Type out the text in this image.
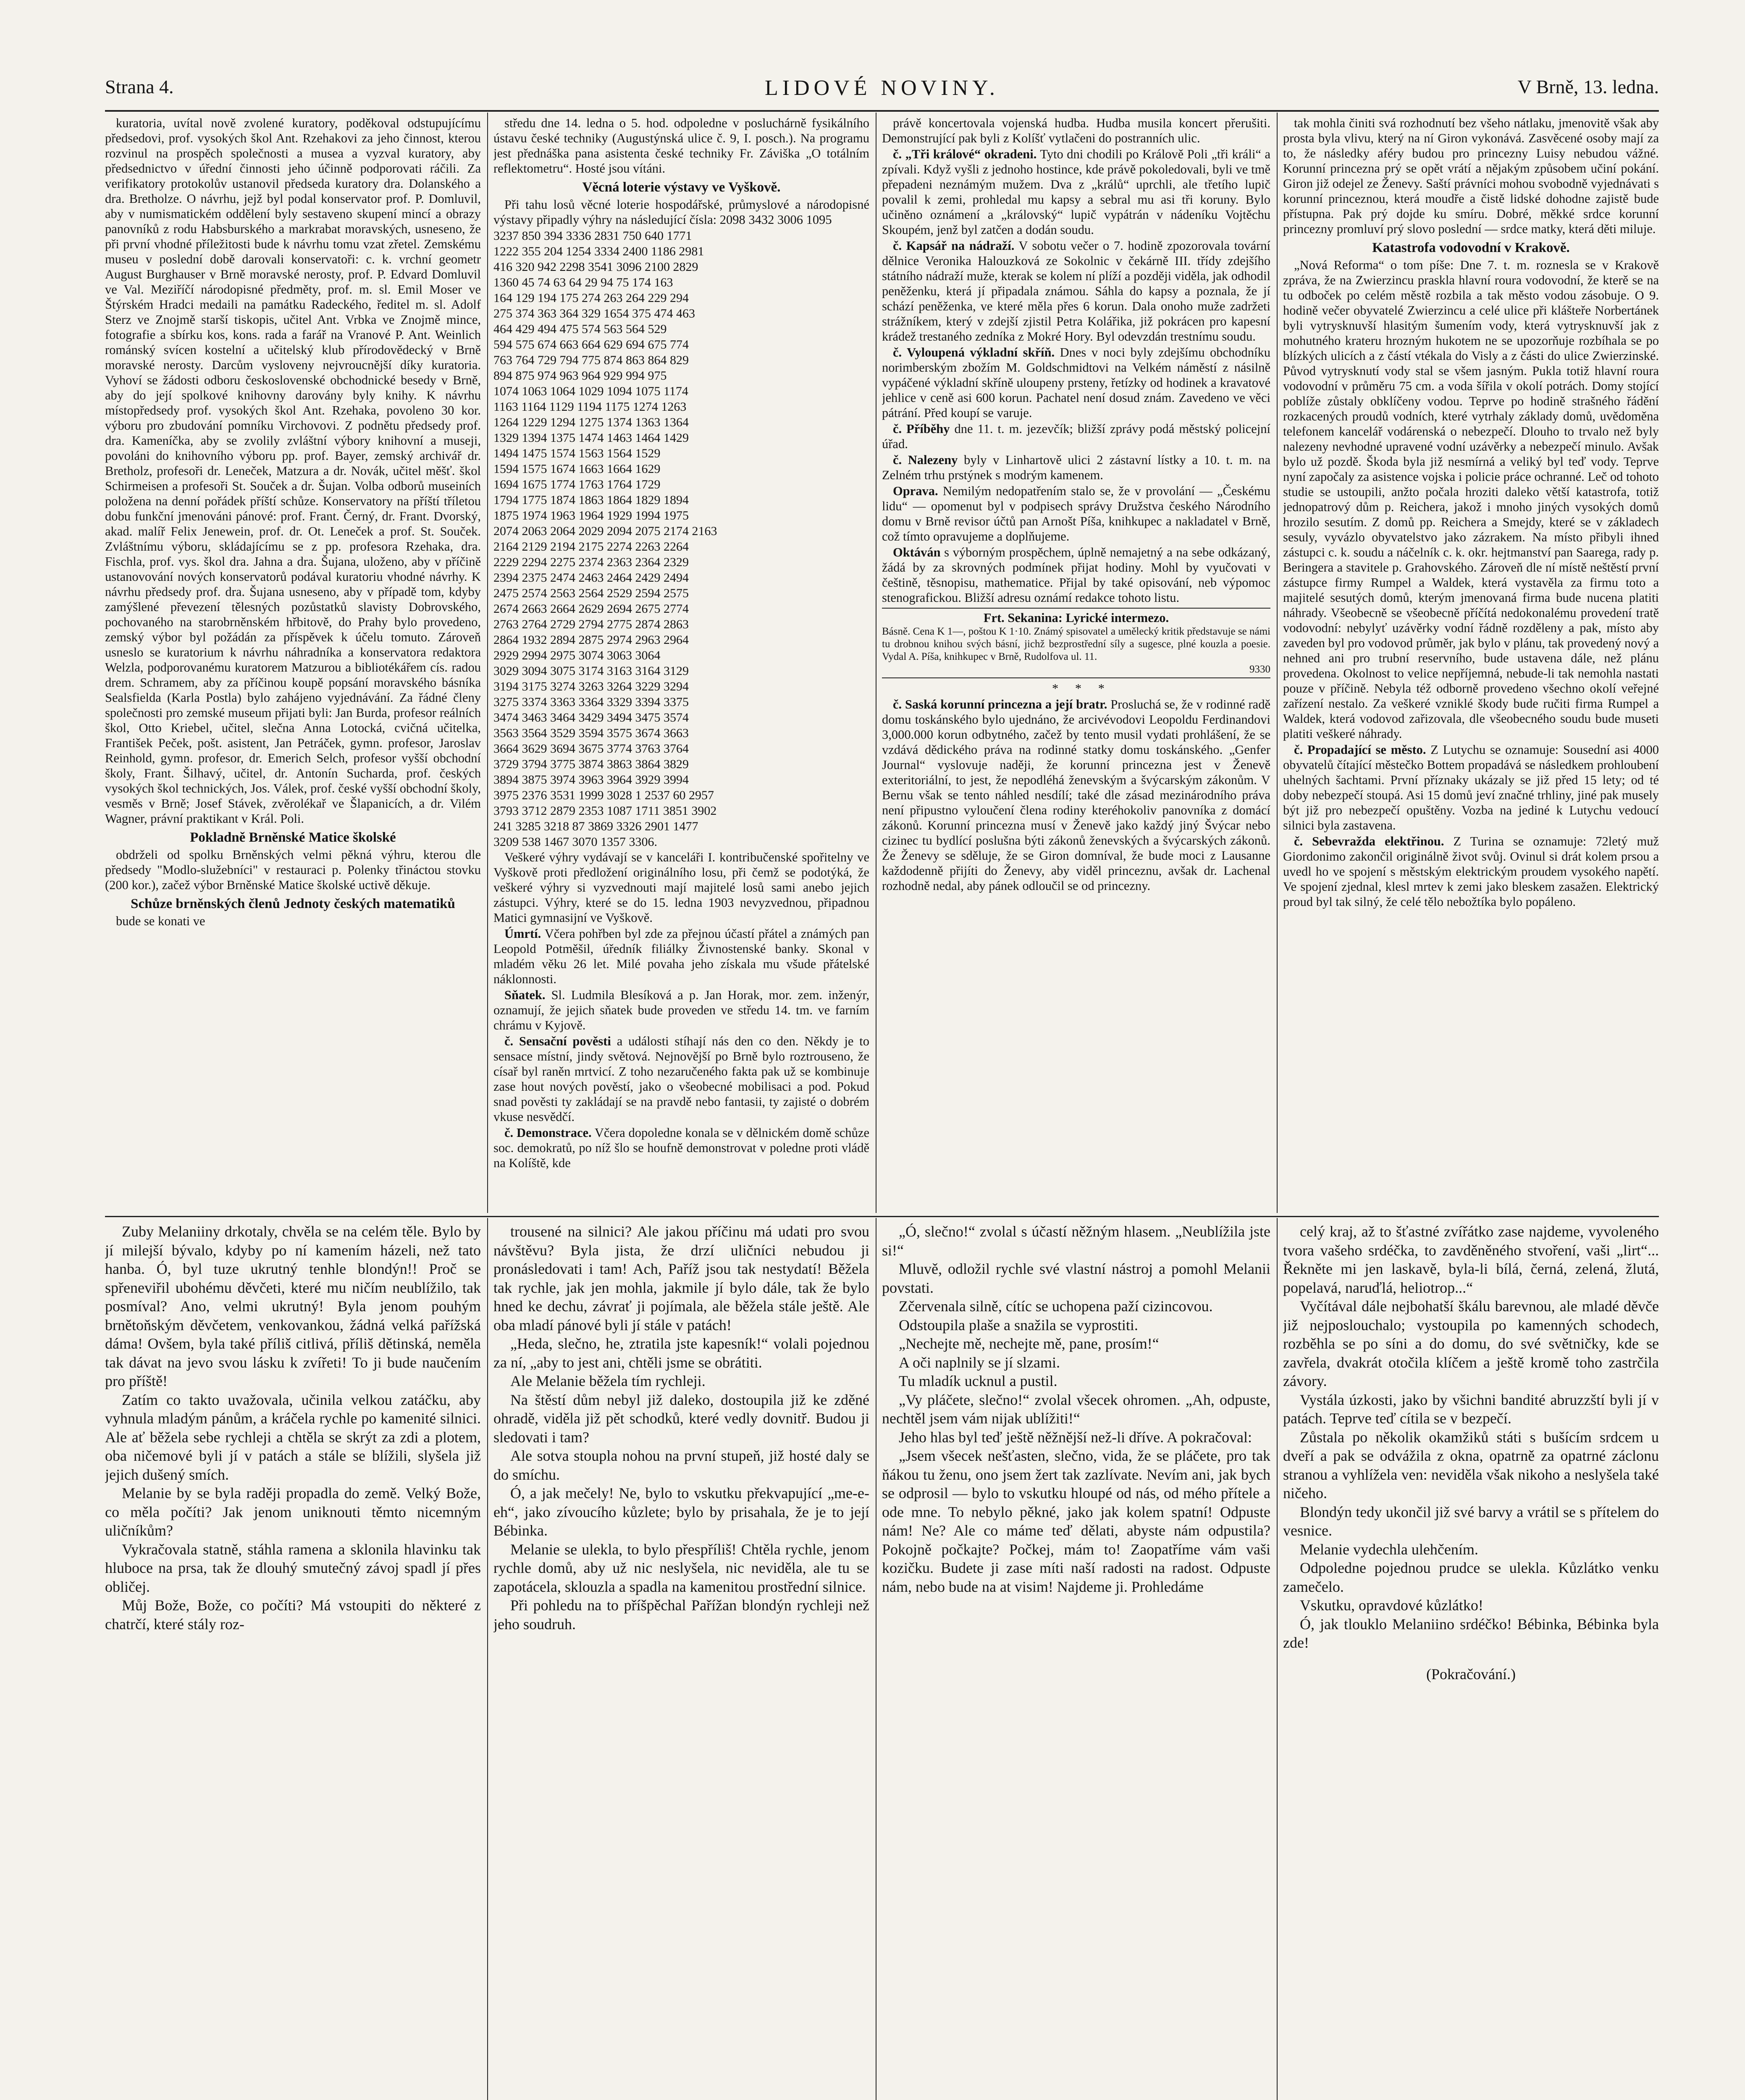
Strana 4.	LIDOVÉ NOVINY.	V Brně, 13. ledna.

kuratoria, uvítal nově zvolené kuratory, poděkoval odstupujícímu předsedovi, prof. vysokých škol Ant. Rzehakovi za jeho činnost, kterou rozvinul na prospěch společnosti a musea a vyzval kuratory, aby předsednictvo v úřední činnosti jeho účinně podporovati ráčili. Za verifikatory protokolův ustanovil předseda kuratory dra. Dolanského a dra. Bretholze. O návrhu, jejž byl podal konservator prof. P. Domluvil, aby v numismatickém oddělení byly sestaveno skupení mincí a obrazy panovníků z rodu Habsburského a markrabat moravských, usneseno, že při první vhodné příležitosti bude k návrhu tomu vzat zřetel. Zemskému museu v poslední době darovali konservatoři: c. k. vrchní geometr August Burghauser v Brně moravské nerosty, prof. P. Edvard Domluvil ve Val. Meziříčí národopisné předměty, prof. m. sl. Emil Moser ve Štýrském Hradci medaili na památku Radeckého, ředitel m. sl. Adolf Sterz ve Znojmě starší tiskopis, učitel Ant. Vrbka ve Znojmě mince, fotografie a sbírku kos, kons. rada a farář na Vranové P. Ant. Weinlich románský svícen kostelní a učitelský klub přírodovědecký v Brně moravské nerosty. Darcům vysloveny nejvroucnější díky kuratoria. Vyhoví se žádosti odboru československé obchodnické besedy v Brně, aby do její spolkové knihovny darovány byly knihy. K návrhu místopředsedy prof. vysokých škol Ant. Rzehaka, povoleno 30 kor. výboru pro zbudování pomníku Virchovovi. Z podnětu předsedy prof. dra. Kameníčka, aby se zvolily zvláštní výbory knihovní a museji, povoláni do knihovního výboru pp. prof. Bayer, zemský archivář dr. Bretholz, profesoři dr. Leneček, Matzura a dr. Novák, učitel měšť. škol Schirmeisen a profesoři St. Souček a dr. Šujan. Volba odborů museiních položena na denní pořádek příští schůze. Konservatory na příští tříletou dobu funkční jmenováni pánové: prof. Frant. Černý, dr. Frant. Dvorský, akad. malíř Felix Jenewein, prof. dr. Ot. Leneček a prof. St. Souček. Zvláštnímu výboru, skládajícímu se z pp. profesora Rzehaka, dra. Fischla, prof. vys. škol dra. Jahna a dra. Šujana, uloženo, aby v příčině ustanovování nových konservatorů podával kuratoriu vhodné návrhy. K návrhu předsedy prof. dra. Šujana usneseno, aby v případě tom, kdyby zamýšlené převezení tělesných pozůstatků slavisty Dobrovského, pochovaného na starobrněnském hřbitově, do Prahy bylo provedeno, zemský výbor byl požádán za příspěvek k účelu tomuto. Zároveň usneslo se kuratorium k návrhu náhradníka a konservatora redaktora Welzla, podporovanému kuratorem Matzurou a bibliotékářem cís. radou drem. Schramem, aby za příčinou koupě popsání moravského básníka Sealsfielda (Karla Postla) bylo zahájeno vyjednávání. Za řádné členy společnosti pro zemské museum přijati byli: Jan Burda, profesor reálních škol, Otto Kriebel, učitel, slečna Anna Lotocká, cvičná učitelka, František Peček, pošt. asistent, Jan Petráček, gymn. profesor, Jaroslav Reinhold, gymn. profesor, dr. Emerich Selch, profesor vyšší obchodní školy, Frant. Šilhavý, učitel, dr. Antonín Sucharda, prof. českých vysokých škol technických, Jos. Válek, prof. české vyšší obchodní školy, vesměs v Brně; Josef Stávek, zvěrolékař ve Šlapanicích, a dr. Vilém Wagner, právní praktikant v Král. Poli.

Pokladně Brněnské Matice školské

obdrželi od spolku Brněnských velmi pěkná výhru, kterou dle předsedy "Modlo-služebníci" v restauraci p. Polenky třináctou stovku (200 kor.), začež výbor Brněnské Matice školské uctivě děkuje.

Schůze brněnských členů Jednoty českých matematiků

bude se konati ve

středu dne 14. ledna o 5. hod. odpoledne v posluchárně fysikálního ústavu české techniky (Augustýnská ulice č. 9, I. posch.). Na programu jest přednáška pana asistenta české techniky Fr. Záviška „O totálním reflektometru“. Hosté jsou vítáni.

Věcná loterie výstavy ve Vyškově.

Při tahu losů věcné loterie hospodářské, průmyslové a národopisné výstavy připadly výhry na následující čísla: 2098 3432 3006 1095

3237 850 394 3336 2831 750 640 1771
1222 355 204 1254 3334 2400 1186 2981
416 320 942 2298 3541 3096 2100 2829
1360 45 74 63 64 29 94 75 174 163
164 129 194 175 274 263 264 229 294
275 374 363 364 329 1654 375 474 463
464 429 494 475 574 563 564 529
594 575 674 663 664 629 694 675 774
763 764 729 794 775 874 863 864 829
894 875 974 963 964 929 994 975
1074 1063 1064 1029 1094 1075 1174
1163 1164 1129 1194 1175 1274 1263
1264 1229 1294 1275 1374 1363 1364
1329 1394 1375 1474 1463 1464 1429
1494 1475 1574 1563 1564 1529
1594 1575 1674 1663 1664 1629
1694 1675 1774 1763 1764 1729
1794 1775 1874 1863 1864 1829 1894
1875 1974 1963 1964 1929 1994 1975
2074 2063 2064 2029 2094 2075 2174 2163
2164 2129 2194 2175 2274 2263 2264
2229 2294 2275 2374 2363 2364 2329
2394 2375 2474 2463 2464 2429 2494
2475 2574 2563 2564 2529 2594 2575
2674 2663 2664 2629 2694 2675 2774
2763 2764 2729 2794 2775 2874 2863
2864 1932 2894 2875 2974 2963 2964
2929 2994 2975 3074 3063 3064
3029 3094 3075 3174 3163 3164 3129
3194 3175 3274 3263 3264 3229 3294
3275 3374 3363 3364 3329 3394 3375
3474 3463 3464 3429 3494 3475 3574
3563 3564 3529 3594 3575 3674 3663
3664 3629 3694 3675 3774 3763 3764
3729 3794 3775 3874 3863 3864 3829
3894 3875 3974 3963 3964 3929 3994
3975 2376 3531 1999 3028 1 2537 60 2957
3793 3712 2879 2353 1087 1711 3851 3902
241 3285 3218 87 3869 3326 2901 1477
3209 538 1467 3070 1357 3306.

Veškeré výhry vydávají se v kanceláři I. kontribučenské spořitelny ve Vyškově proti předložení originálního losu, při čemž se podotýká, že veškeré výhry si vyzvednouti mají majitelé losů sami anebo jejich zástupci. Výhry, které se do 15. ledna 1903 nevyzvednou, připadnou Matici gymnasijní ve Vyškově.

Úmrtí. Včera pohřben byl zde za přejnou účastí přátel a známých pan Leopold Potměšil, úředník filiálky Živnostenské banky. Skonal v mladém věku 26 let. Milé povaha jeho získala mu všude přátelské náklonnosti.

Sňatek. Sl. Ludmila Blesíková a p. Jan Horak, mor. zem. inženýr, oznamují, že jejich sňatek bude proveden ve středu 14. tm. ve farním chrámu v Kyjově.

č. Sensační pověsti a události stíhají nás den co den. Někdy je to sensace místní, jindy světová. Nejnovější po Brně bylo roztrouseno, že císař byl raněn mrtvicí. Z toho nezaručeného fakta pak už se kombinuje zase hout nových pověstí, jako o všeobecné mobilisaci a pod. Pokud snad pověsti ty zakládají se na pravdě nebo fantasii, ty zajisté o dobrém vkuse nesvědčí.

č. Demonstrace. Včera dopoledne konala se v dělnickém domě schůze soc. demokratů, po níž šlo se houfně demonstrovat v poledne proti vládě na Kolíště, kde

právě koncertovala vojenská hudba. Hudba musila koncert přerušiti. Demonstrující pak byli z Kolíšť vytlačeni do postranních ulic.

č. „Tři králové“ okradeni. Tyto dni chodili po Králově Poli „tři králi“ a zpívali. Když vyšli z jednoho hostince, kde právě pokoledovali, byli ve tmě přepadeni neznámým mužem. Dva z „králů“ uprchli, ale třetího lupič povalil k zemi, prohledal mu kapsy a sebral mu asi tři koruny. Bylo učiněno oznámení a „královský“ lupič vypátrán v nádeníku Vojtěchu Skoupém, jenž byl zatčen a dodán soudu.

č. Kapsář na nádraží. V sobotu večer o 7. hodině zpozorovala tovární dělnice Veronika Halouzková ze Sokolnic v čekárně III. třídy zdejšího státního nádraží muže, kterak se kolem ní plíží a později viděla, jak odhodil peněženku, která jí připadala známou. Sáhla do kapsy a poznala, že jí schází peněženka, ve které měla přes 6 korun. Dala onoho muže zadržeti strážníkem, který v zdejší zjistil Petra Kolářika, již pokrácen pro kapesní krádež trestaného zedníka z Mokré Hory. Byl odevzdán trestnímu soudu.

č. Vyloupená výkladní skříň. Dnes v noci byly zdejšímu obchodníku norimberským zbožím M. Goldschmidtovi na Velkém náměstí z násilně vypáčené výkladní skříně uloupeny prsteny, řetízky od hodinek a kravatové jehlice v ceně asi 600 korun. Pachatel není dosud znám. Zavedeno ve věci pátrání. Před koupí se varuje.

č. Příběhy dne 11. t. m. jezevčík; bližší zprávy podá městský policejní úřad.

č. Nalezeny byly v Linhartově ulici 2 zástavní lístky a 10. t. m. na Zelném trhu prstýnek s modrým kamenem.

Oprava. Nemilým nedopatřením stalo se, že v provolání — „Českému lidu“ — opomenut byl v podpisech správy Družstva českého Národního domu v Brně revisor účtů pan Arnošt Píša, knihkupec a nakladatel v Brně, což tímto opravujeme a doplňujeme.

Oktáván s výborným prospěchem, úplně nemajetný a na sebe odkázaný, žádá by za skrovných podmínek přijat hodiny. Mohl by vyučovati v češtině, těsnopisu, mathematice. Přijal by také opisování, neb výpomoc stenografickou. Bližší adresu oznámí redakce tohoto listu.

Frt. Sekanina: Lyrické intermezo.
Básně. Cena K 1—, poštou K 1·10. Známý spisovatel a umělecký kritik představuje se námi tu drobnou knihou svých básní, jichž bezprostřední síly a sugesce, plné kouzla a poesie. Vydal A. Píša, knihkupec v Brně, Rudolfova ul. 11.
9330

* * *

č. Saská korunní princezna a její bratr. Prosluchá se, že v rodinné radě domu toskánského bylo ujednáno, že arcivévodovi Leopoldu Ferdinandovi 3,000.000 korun odbytného, začež by tento musil vydati prohlášení, že se vzdává dědického práva na rodinné statky domu toskánského. „Genfer Journal“ vyslovuje naději, že korunní princezna jest v Ženevě exteritoriální, to jest, že nepodléhá ženevským a švýcarským zákonům. V Bernu však se tento náhled nesdílí; také dle zásad mezinárodního práva není připustno vyloučení člena rodiny kteréhokoliv panovníka z domácí zákonů. Korunní princezna musí v Ženevě jako každý jiný Švýcar nebo cizinec tu bydlící poslušna býti zákonů ženevských a švýcarských zákonů. Že Ženevy se sděluje, že se Giron domníval, že bude moci z Lausanne každodenně přijíti do Ženevy, aby viděl princeznu, avšak dr. Lachenal rozhodně nedal, aby pánek odloučil se od princezny.

tak mohla činiti svá rozhodnutí bez všeho nátlaku, jmenovitě však aby prosta byla vlivu, který na ní Giron vykonává. Zasvěcené osoby mají za to, že následky aféry budou pro princezny Luisy nebudou vážné. Korunní princezna prý se opět vrátí a nějakým způsobem učiní pokání. Giron již odejel ze Ženevy. Saští právníci mohou svobodně vyjednávati s korunní princeznou, která moudře a čistě lidské dohodne zajistě bude přístupna. Pak prý dojde ku smíru. Dobré, měkké srdce korunní princezny promluví prý slovo poslední — srdce matky, která děti miluje.

Katastrofa vodovodní v Krakově.

„Nová Reforma“ o tom píše: Dne 7. t. m. roznesla se v Krakově zpráva, že na Zwierzincu praskla hlavní roura vodovodní, že kterě se na tu odboček po celém městě rozbila a tak město vodou zásobuje. O 9. hodině večer obyvatelé Zwierzincu a celé ulice při klášteře Norbertánek byli vytrysknuvší hlasitým šumením vody, která vytrysknuvší jak z mohutného krateru hrozným hukotem ne se upozorňuje rozbíhala se po blízkých ulicích a z částí vtékala do Visly a z části do ulice Zwierzinské. Původ vytrysknutí vody stal se všem jasným. Pukla totiž hlavní roura vodovodní v průměru 75 cm. a voda šířila v okolí potrách. Domy stojící poblíže zůstaly obklíčeny vodou. Teprve po hodině strašného řádění rozkacených proudů vodních, které vytrhaly základy domů, uvědoměna telefonem kancelář vodárenská o nebezpečí. Dlouho to trvalo než byly nalezeny nevhodné upravené vodní uzávěrky a nebezpečí minulo. Avšak bylo už pozdě. Škoda byla již nesmírná a veliký byl teď vody. Teprve nyní započaly za asistence vojska i policie práce ochranné. Leč od tohoto studie se ustoupili, anžto počala hroziti daleko větší katastrofa, totiž jednopatrový dům p. Reichera, jakož i mnoho jiných vysokých domů hrozilo sesutím. Z domů pp. Reichera a Smejdy, které se v základech sesuly, vyvázlo obyvatelstvo jako zázrakem. Na místo přibyli ihned zástupci c. k. soudu a náčelník c. k. okr. hejtmanství pan Saarega, rady p. Beringera a stavitele p. Grahovského. Zároveň dle ní místě neštěstí první zástupce firmy Rumpel a Waldek, která vystavěla za firmu toto a majitelé sesutých domů, kterým jmenovaná firma bude nucena platiti náhrady. Všeobecně se všeobecně příčítá nedokonalému provedení tratě vodovodní: nebylyť uzávěrky vodní řádně rozděleny a pak, místo aby zaveden byl pro vodovod průměr, jak bylo v plánu, tak provedený nový a nehned ani pro trubní reservního, bude ustavena dále, než plánu provedena. Okolnost to velice nepříjemná, nebude-li tak nemohla nastati pouze v příčině. Nebyla též odborně provedeno všechno okolí veřejné zařízení nestalo. Za veškeré vzniklé škody bude ručiti firma Rumpel a Waldek, která vodovod zařizovala, dle všeobecného soudu bude museti platiti veškeré náhrady.

č. Propadající se město. Z Lutychu se oznamuje: Sousední asi 4000 obyvatelů čítající městečko Bottem propadává se následkem prohloubení uhelných šachtami. První příznaky ukázaly se již před 15 lety; od té doby nebezpečí stoupá. Asi 15 domů jeví značné trhliny, jiné pak musely být již pro nebezpečí opuštěny. Vozba na jediné k Lutychu vedoucí silnici byla zastavena.

č. Sebevražda elektřinou. Z Turina se oznamuje: 72letý muž Giordonimo zakončil originálně život svůj. Ovinul si drát kolem prsou a uvedl ho ve spojení s městským elektrickým proudem vysokého napětí. Ve spojení zjednal, klesl mrtev k zemi jako bleskem zasažen. Elektrický proud byl tak silný, že celé tělo nebožtíka bylo popáleno.

Zuby Melaniiny drkotaly, chvěla se na celém těle. Bylo by jí milejší bývalo, kdyby po ní kamením házeli, než tato hanba. Ó, byl tuze ukrutný tenhle blondýn!! Proč se spřeneviřil ubohému děvčeti, které mu ničím neublížilo, tak posmíval? Ano, velmi ukrutný! Byla jenom pouhým brnětoňským děvčetem, venkovankou, žádná velká pařížská dáma! Ovšem, byla také příliš citlivá, příliš dětinská, neměla tak dávat na jevo svou lásku k zvířeti! To ji bude naučením pro příště!

Zatím co takto uvažovala, učinila velkou zatáčku, aby vyhnula mladým pánům, a kráčela rychle po kamenité silnici. Ale ať běžela sebe rychleji a chtěla se skrýt za zdi a plotem, oba ničemové byli jí v patách a stále se blížili, slyšela již jejich dušený smích.

Melanie by se byla raději propadla do země. Velký Bože, co měla počíti? Jak jenom uniknouti těmto nicemným uličníkům?

Vykračovala statně, stáhla ramena a sklonila hlavinku tak hluboce na prsa, tak že dlouhý smutečný závoj spadl jí přes obličej.

Můj Bože, Bože, co počíti? Má vstoupiti do některé z chatrčí, které stály roz-

trousené na silnici? Ale jakou příčinu má udati pro svou návštěvu? Byla jista, že drzí uličníci nebudou ji pronásledovati i tam! Ach, Paříž jsou tak nestydatí! Běžela tak rychle, jak jen mohla, jakmile jí bylo dále, tak že bylo hned ke dechu, závrať ji pojímala, ale běžela stále ještě. Ale oba mladí pánové byli jí stále v patách!

„Heda, slečno, he, ztratila jste kapesník!“ volali pojednou za ní, „aby to jest ani, chtěli jsme se obrátiti.

Ale Melanie běžela tím rychleji.

Na štěstí dům nebyl již daleko, dostoupila již ke zděné ohradě, viděla již pět schodků, které vedly dovnitř. Budou ji sledovati i tam?

Ale sotva stoupla nohou na první stupeň, již hosté daly se do smíchu.

Ó, a jak mečely! Ne, bylo to vskutku překvapující „me-e-eh“, jako zívoucího kůzlete; bylo by prisahala, že je to její Bébinka.

Melanie se ulekla, to bylo přespříliš! Chtěla rychle, jenom rychle domů, aby už nic neslyšela, nic neviděla, ale tu se zapotácela, sklouzla a spadla na kamenitou prostřední silnice.

Při pohledu na to příšpěchal Pařížan blondýn rychleji než jeho soudruh.

„Ó, slečno!“ zvolal s účastí něžným hlasem. „Neublížila jste si!“

Mluvě, odložil rychle své vlastní nástroj a pomohl Melanii povstati.

Zčervenala silně, cítíc se uchopena paží cizincovou.

Odstoupila plaše a snažila se vyprostiti.

„Nechejte mě, nechejte mě, pane, prosím!“

A oči naplnily se jí slzami.

Tu mladík ucknul a pustil.

„Vy pláčete, slečno!“ zvolal všecek ohromen. „Ah, odpuste, nechtěl jsem vám nijak ublížiti!“

Jeho hlas byl teď ještě něžnější než-li dříve. A pokračoval:

„Jsem všecek nešťasten, slečno, vida, že se pláčete, pro tak ňákou tu ženu, ono jsem žert tak zazlívate. Nevím ani, jak bych se odprosil — bylo to vskutku hloupé od nás, od mého přítele a ode mne. To nebylo pěkné, jako jak kolem spatní! Odpuste nám! Ne? Ale co máme teď dělati, abyste nám odpustila? Pokojně počkajte? Počkej, mám to! Zaopatříme vám vaši kozičku. Budete ji zase míti naší radosti na radost. Odpuste nám, nebo bude na at visim! Najdeme ji. Prohledáme

celý kraj, až to šťastné zvířátko zase najdeme, vyvoleného tvora vašeho srdéčka, to zavděněného stvoření, vaši „lirt“... Řekněte mi jen laskavě, byla-li bílá, černá, zelená, žlutá, popelavá, naruďlá, heliotrop...“

Vyčítával dále nejbohatší škálu barevnou, ale mladé děvče již nejposlouchalo; vystoupila po kamenných schodech, rozběhla se po síni a do domu, do své světničky, kde se zavřela, dvakrát otočila klíčem a ještě kromě toho zastrčila závory.

Vystála úzkosti, jako by všichni bandité abruzzští byli jí v patách. Teprve teď cítila se v bezpečí.

Zůstala po několik okamžiků státi s bušícím srdcem u dveří a pak se odvážila z okna, opatrně za opatrné záclonu stranou a vyhlížela ven: neviděla však nikoho a neslyšela také ničeho.

Blondýn tedy ukončil již své barvy a vrátil se s přítelem do vesnice.

Melanie vydechla ulehčením.

Odpoledne pojednou prudce se ulekla. Kůzlátko venku zamečelo.

Vskutku, opravdové kůzlátko!

Ó, jak tlouklo Melaniino srdéčko! Bébinka, Bébinka byla zde!

(Pokračování.)
